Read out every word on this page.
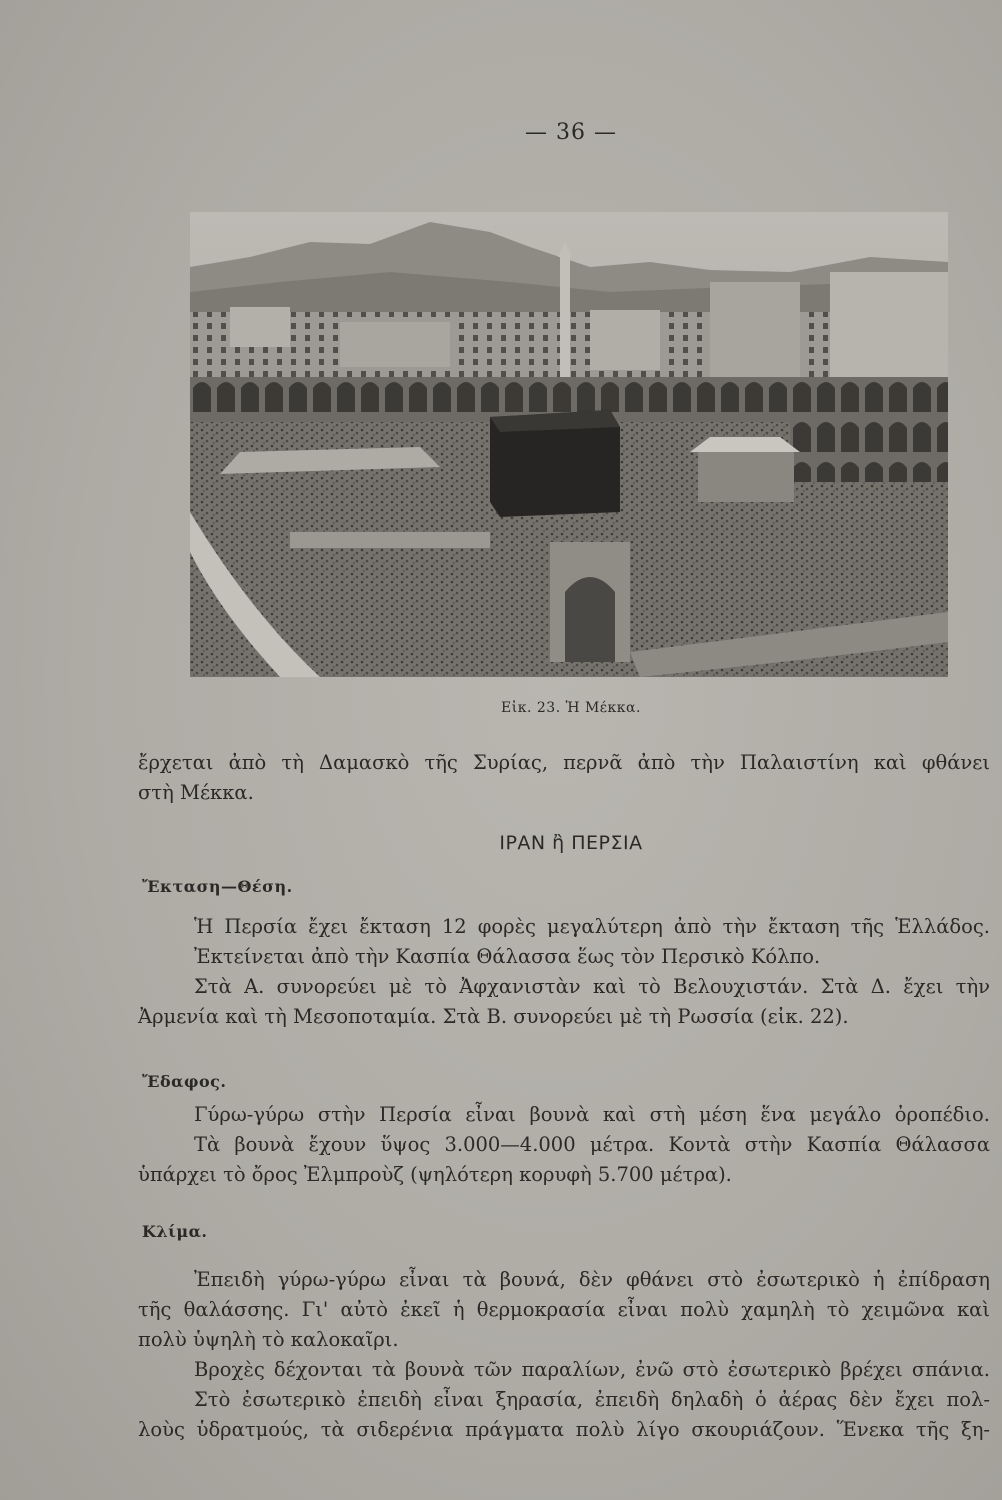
— 36 —
Εἰκ. 23. Ἡ Μέκκα.

ἔρχεται ἀπὸ τὴ Δαμασκὸ τῆς Συρίας, περνᾶ ἀπὸ τὴν Παλαιστίνη καὶ φθάνει

στὴ Μέκκα.

ΙΡΑΝ ἢ ΠΕΡΣΙΑ
Ἔκταση—Θέση.

Ἡ Περσία ἔχει ἔκταση 12 φορὲς μεγαλύτερη ἀπὸ τὴν ἔκταση τῆς Ἑλλάδος.

Ἐκτείνεται ἀπὸ τὴν Κασπία Θάλασσα ἕως τὸν Περσικὸ Κόλπο.

Στὰ Α. συνορεύει μὲ τὸ Ἀφχανιστὰν καὶ τὸ Βελουχιστάν. Στὰ Δ. ἔχει τὴν

Ἀρμενία καὶ τὴ Μεσοποταμία. Στὰ Β. συνορεύει μὲ τὴ Ρωσσία (εἰκ. 22).

Ἔδαφος.

Γύρω-γύρω στὴν Περσία εἶναι βουνὰ καὶ στὴ μέση ἕνα μεγάλο ὀροπέδιο.

Τὰ βουνὰ ἔχουν ὕψος 3.000—4.000 μέτρα. Κοντὰ στὴν Κασπία Θάλασσα

ὑπάρχει τὸ ὄρος Ἐλμπροὺζ (ψηλότερη κορυφὴ 5.700 μέτρα).

Κλίμα.

Ἐπειδὴ γύρω-γύρω εἶναι τὰ βουνά, δὲν φθάνει στὸ ἐσωτερικὸ ἡ ἐπίδραση

τῆς θαλάσσης. Γι' αὐτὸ ἐκεῖ ἡ θερμοκρασία εἶναι πολὺ χαμηλὴ τὸ χειμῶνα καὶ

πολὺ ὑψηλὴ τὸ καλοκαῖρι.

Βροχὲς δέχονται τὰ βουνὰ τῶν παραλίων, ἐνῶ στὸ ἐσωτερικὸ βρέχει σπάνια.

Στὸ ἐσωτερικὸ ἐπειδὴ εἶναι ξηρασία, ἐπειδὴ δηλαδὴ ὁ ἀέρας δὲν ἔχει πολ-

λοὺς ὑδρατμούς, τὰ σιδερένια πράγματα πολὺ λίγο σκουριάζουν. Ἕνεκα τῆς ξη-
